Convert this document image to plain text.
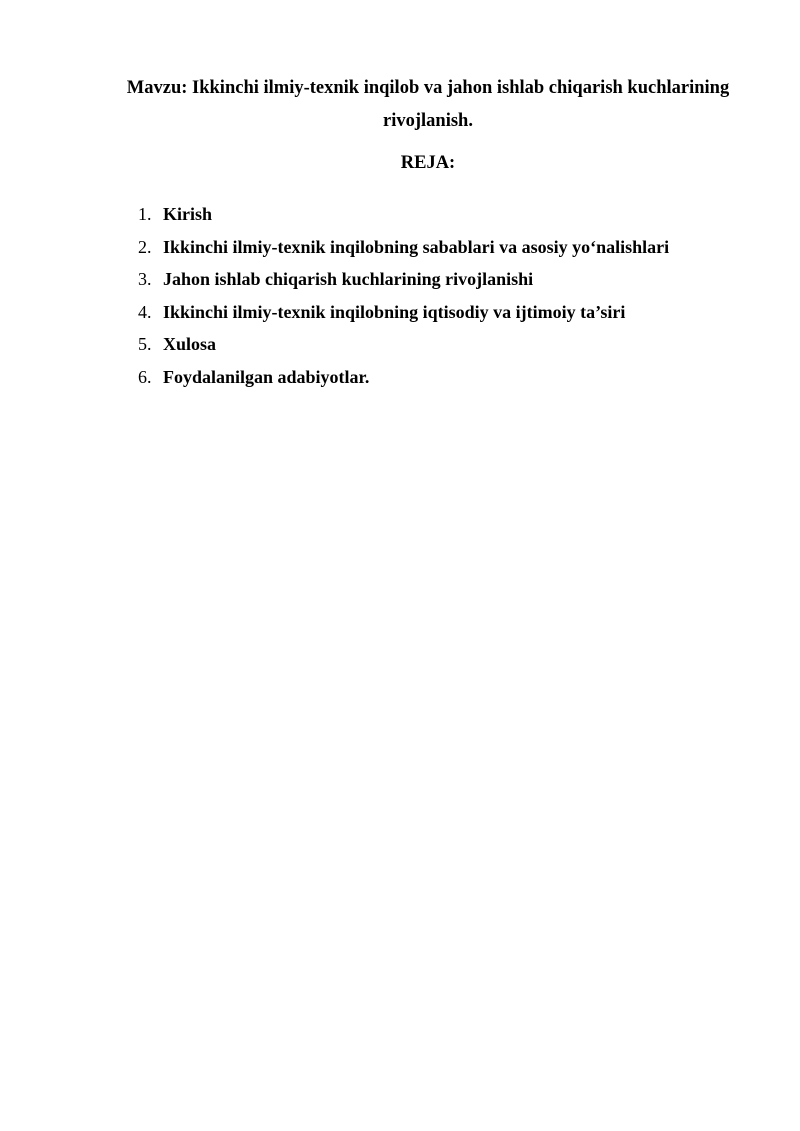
Mavzu: Ikkinchi ilmiy-texnik inqilob va jahon ishlab chiqarish kuchlarining rivojlanish.

REJA:

1. Kirish
2. Ikkinchi ilmiy-texnik inqilobning sabablari va asosiy yo‘nalishlari
3. Jahon ishlab chiqarish kuchlarining rivojlanishi
4. Ikkinchi ilmiy-texnik inqilobning iqtisodiy va ijtimoiy ta’siri
5. Xulosa
6. Foydalanilgan adabiyotlar.
